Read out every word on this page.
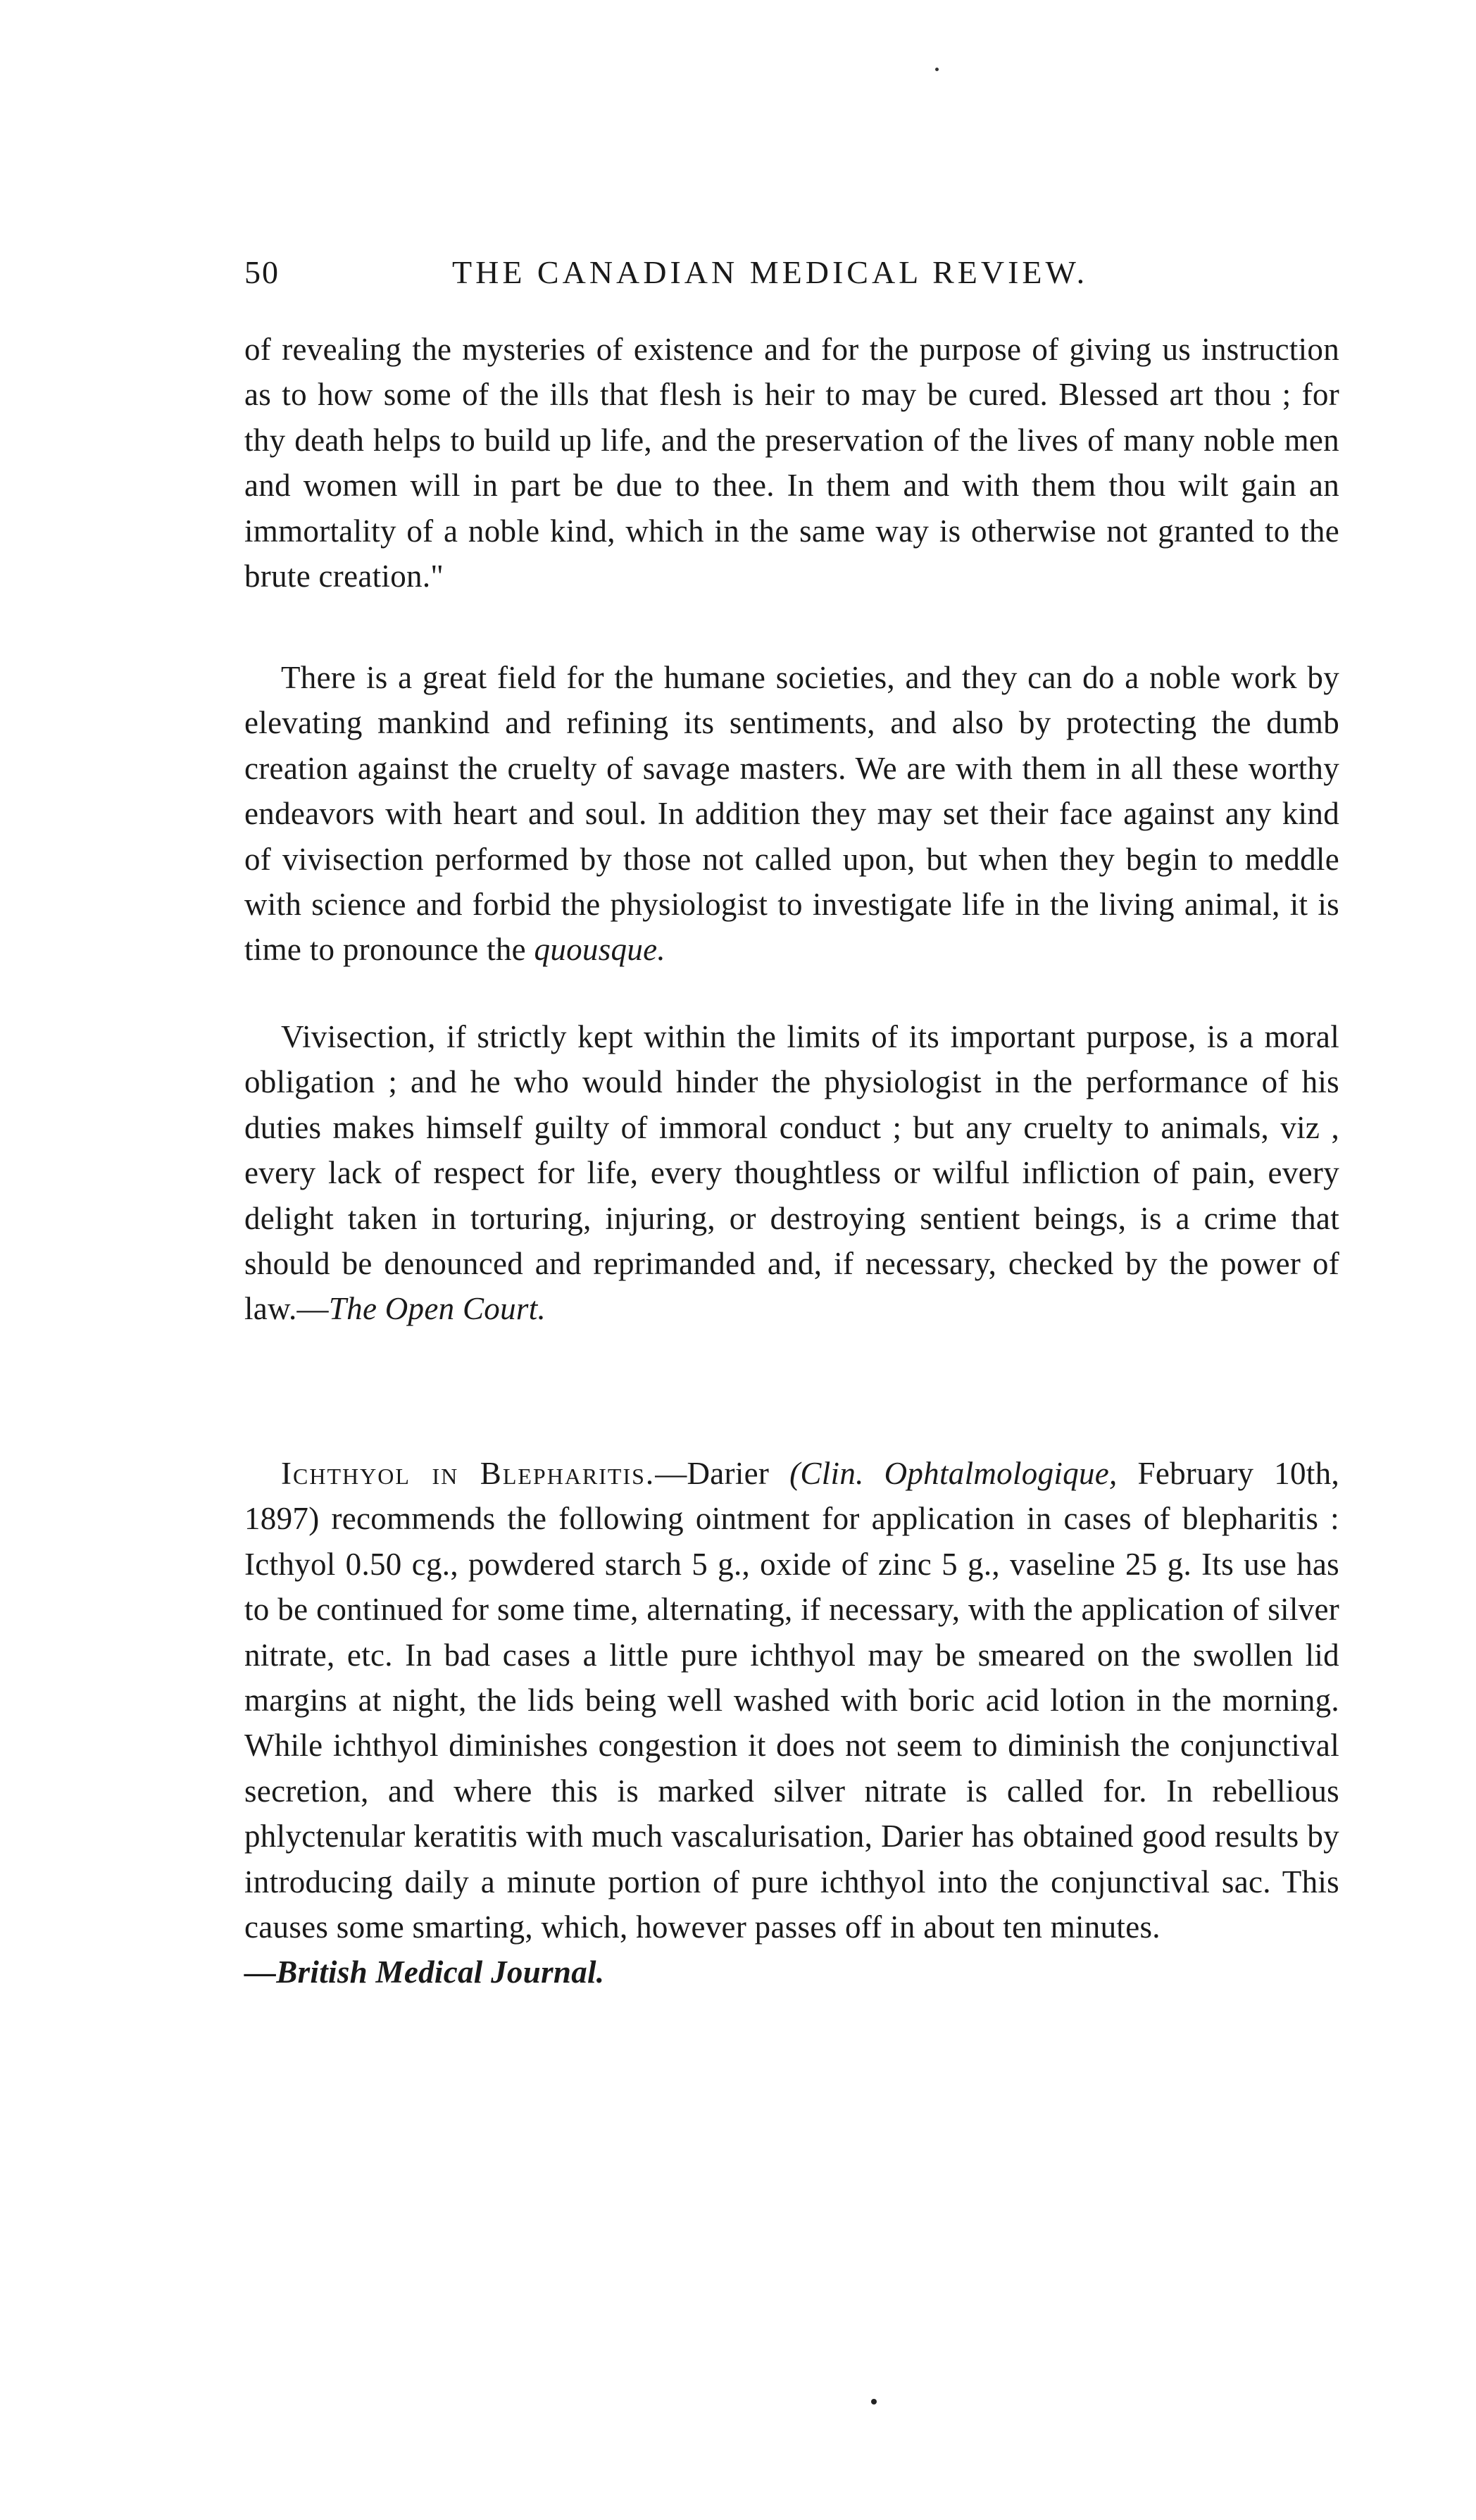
50	THE CANADIAN MEDICAL REVIEW.

of revealing the mysteries of existence and for the purpose of giving us instruction as to how some of the ills that flesh is heir to may be cured. Blessed art thou ; for thy death helps to build up life, and the preservation of the lives of many noble men and women will in part be due to thee. In them and with them thou wilt gain an immortality of a noble kind, which in the same way is otherwise not granted to the brute creation."

There is a great field for the humane societies, and they can do a noble work by elevating mankind and refining its sentiments, and also by protecting the dumb creation against the cruelty of savage masters. We are with them in all these worthy endeavors with heart and soul. In addition they may set their face against any kind of vivisection performed by those not called upon, but when they begin to meddle with science and forbid the physiologist to investigate life in the living animal, it is time to pronounce the quousque.

Vivisection, if strictly kept within the limits of its important purpose, is a moral obligation ; and he who would hinder the physiologist in the performance of his duties makes himself guilty of immoral conduct ; but any cruelty to animals, viz , every lack of respect for life, every thoughtless or wilful infliction of pain, every delight taken in torturing, injuring, or destroying sentient beings, is a crime that should be denounced and reprimanded and, if necessary, checked by the power of law.—The Open Court.

Ichthyol in Blepharitis.—Darier (Clin. Ophtalmologique, February 10th, 1897) recommends the following ointment for application in cases of blepharitis : Icthyol 0.50 cg., powdered starch 5 g., oxide of zinc 5 g., vaseline 25 g. Its use has to be continued for some time, alternating, if necessary, with the application of silver nitrate, etc. In bad cases a little pure ichthyol may be smeared on the swollen lid margins at night, the lids being well washed with boric acid lotion in the morning. While ichthyol diminishes congestion it does not seem to diminish the conjunctival secretion, and where this is marked silver nitrate is called for. In rebellious phlyctenular keratitis with much vascalurisation, Darier has obtained good results by introducing daily a minute portion of pure ichthyol into the conjunctival sac. This causes some smarting, which, however passes off in about ten minutes.

—British Medical Journal.
